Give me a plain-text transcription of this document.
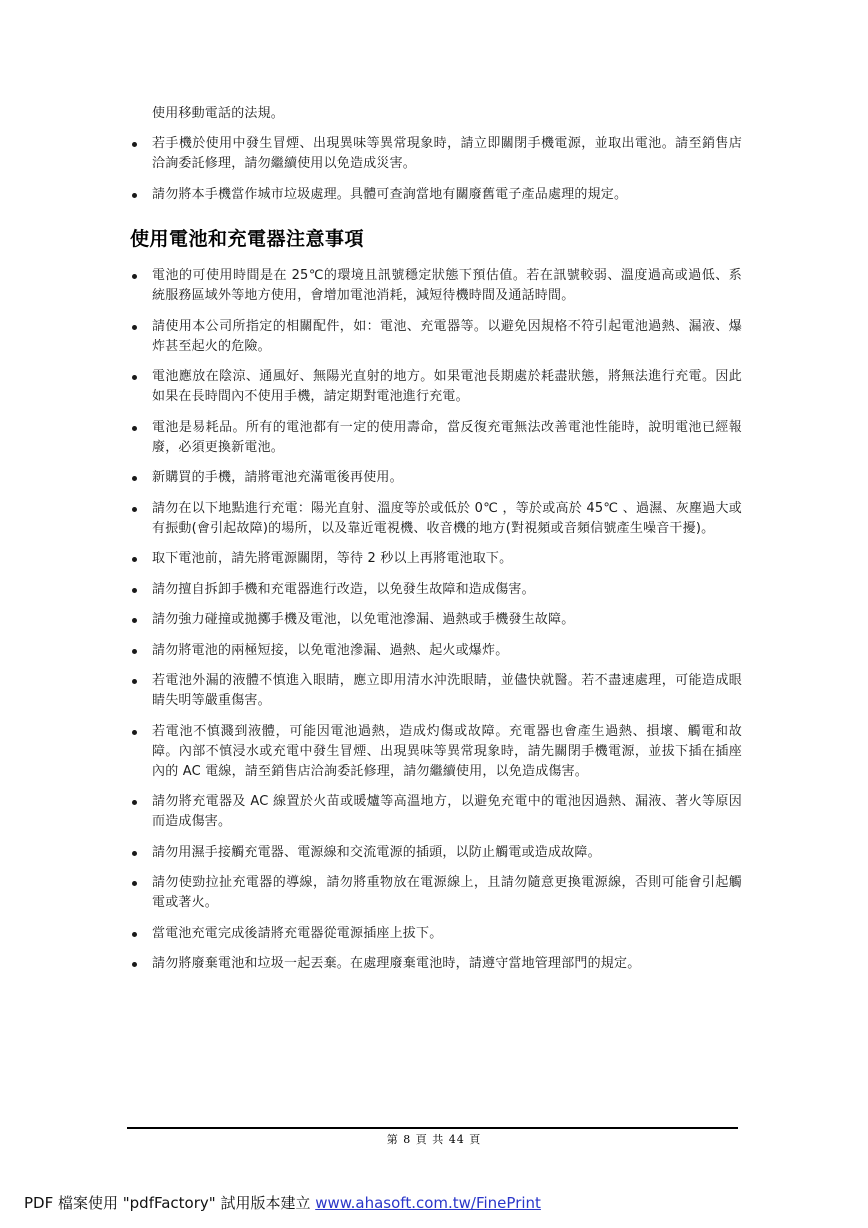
使用移動電話的法規。
若手機於使用中發生冒煙、出現異味等異常現象時，請立即關閉手機電源，並取出電池。請至銷售店洽詢委託修理，請勿繼續使用以免造成災害。
請勿將本手機當作城市垃圾處理。具體可查詢當地有關廢舊電子產品處理的規定。
使用電池和充電器注意事項
電池的可使用時間是在 25℃的環境且訊號穩定狀態下預估值。若在訊號較弱、溫度過高或過低、系統服務區域外等地方使用，會增加電池消耗，減短待機時間及通話時間。
請使用本公司所指定的相關配件，如：電池、充電器等。以避免因規格不符引起電池過熱、漏液、爆炸甚至起火的危險。
電池應放在陰涼、通風好、無陽光直射的地方。如果電池長期處於耗盡狀態，將無法進行充電。因此如果在長時間內不使用手機，請定期對電池進行充電。
電池是易耗品。所有的電池都有一定的使用壽命，當反復充電無法改善電池性能時，說明電池已經報廢，必須更換新電池。
新購買的手機，請將電池充滿電後再使用。
請勿在以下地點進行充電：陽光直射、溫度等於或低於 0℃ ，等於或高於 45℃ 、過濕、灰塵過大或有振動(會引起故障)的場所，以及靠近電視機、收音機的地方(對視頻或音頻信號產生噪音干擾)。
取下電池前，請先將電源關閉，等待 2 秒以上再將電池取下。
請勿擅自拆卸手機和充電器進行改造，以免發生故障和造成傷害。
請勿強力碰撞或拋擲手機及電池，以免電池滲漏、過熱或手機發生故障。
請勿將電池的兩極短接，以免電池滲漏、過熱、起火或爆炸。
若電池外漏的液體不慎進入眼睛，應立即用清水沖洗眼睛，並儘快就醫。若不盡速處理，可能造成眼睛失明等嚴重傷害。
若電池不慎濺到液體，可能因電池過熱，造成灼傷或故障。充電器也會產生過熱、損壞、觸電和故障。內部不慎浸水或充電中發生冒煙、出現異味等異常現象時，請先關閉手機電源，並拔下插在插座內的 AC 電線，請至銷售店洽詢委託修理，請勿繼續使用，以免造成傷害。
請勿將充電器及 AC 線置於火苗或暖爐等高溫地方，以避免充電中的電池因過熱、漏液、著火等原因而造成傷害。
請勿用濕手接觸充電器、電源線和交流電源的插頭，以防止觸電或造成故障。
請勿使勁拉扯充電器的導線，請勿將重物放在電源線上，且請勿隨意更換電源線，否則可能會引起觸電或著火。
當電池充電完成後請將充電器從電源插座上拔下。
請勿將廢棄電池和垃圾一起丟棄。在處理廢棄電池時，請遵守當地管理部門的規定。
第 8 頁 共 44 頁
PDF 檔案使用 "pdfFactory" 試用版本建立 www.ahasoft.com.tw/FinePrint
